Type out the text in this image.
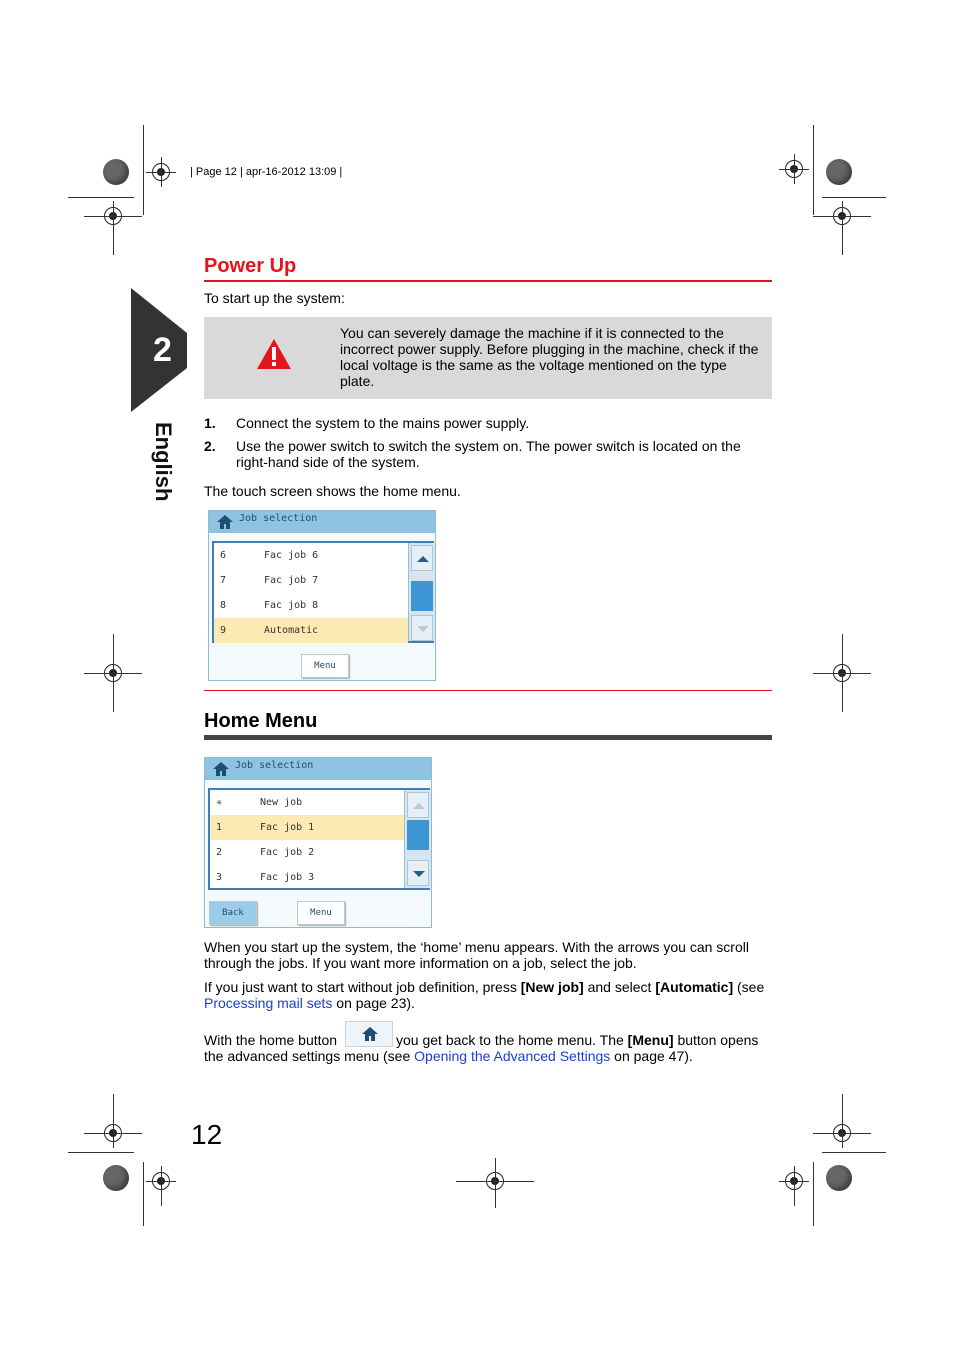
| Page 12 | apr-16-2012 13:09 |
2
English
Power Up
To start up the system:
You can severely damage the machine if it is connected to the incorrect power supply. Before plugging in the machine, check if the local voltage is the same as the voltage mentioned on the type plate.
1. Connect the system to the mains power supply.
2. Use the power switch to switch the system on. The power switch is located on the right-hand side of the system.
The touch screen shows the home menu.
Job selection
6	Fac job 6
7	Fac job 7
8	Fac job 8
9	Automatic
Menu
Home Menu
Job selection
✳	New job
1	Fac job 1
2	Fac job 2
3	Fac job 3
Back	Menu
When you start up the system, the ‘home’ menu appears. With the arrows you can scroll through the jobs. If you want more information on a job, select the job.
If you just want to start without job definition, press [New job] and select [Automatic] (see Processing mail sets on page 23).
With the home button	you get back to the home menu. The [Menu] button opens
the advanced settings menu (see Opening the Advanced Settings on page 47).
12
